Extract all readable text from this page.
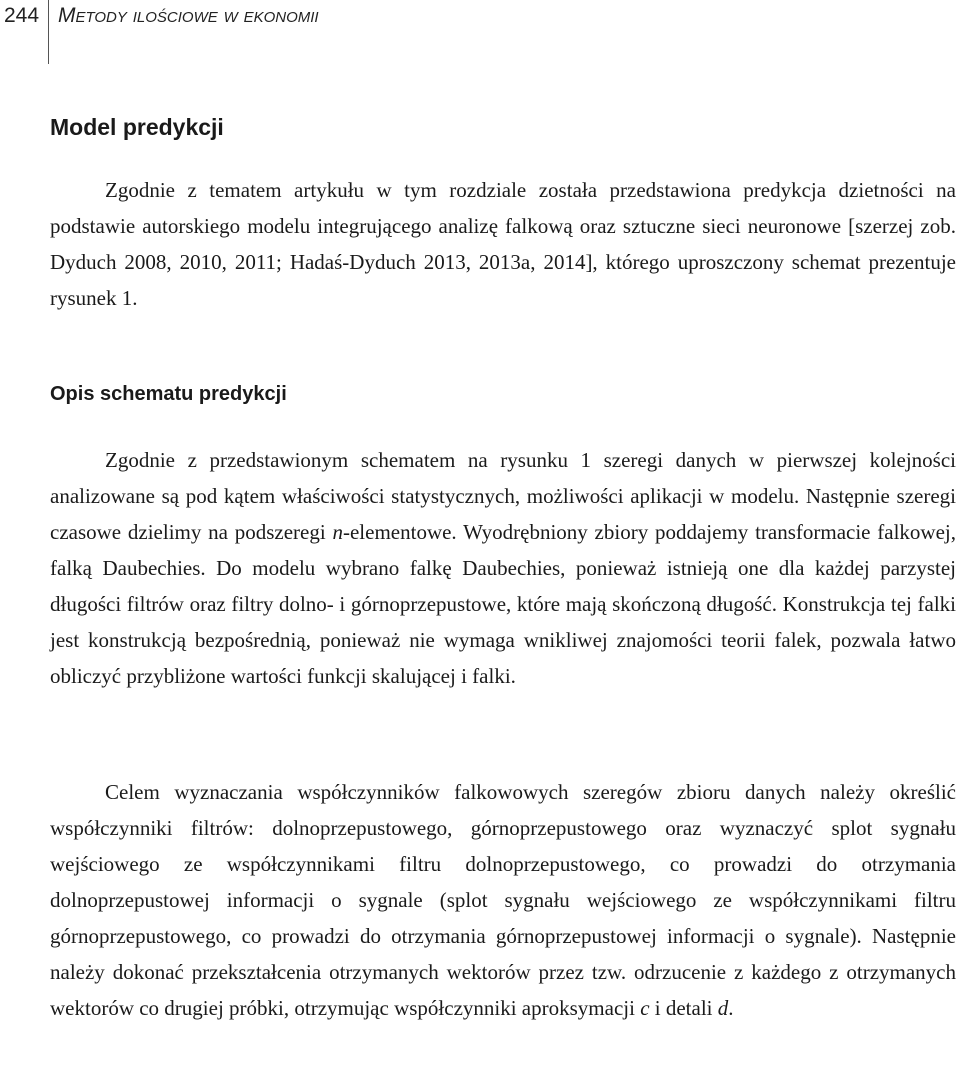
244 Metody ilościowe w ekonomii
Model predykcji

Zgodnie z tematem artykułu w tym rozdziale została przedstawiona predykcja dzietności na podstawie autorskiego modelu integrującego analizę falkową oraz sztuczne sieci neuronowe [szerzej zob. Dyduch 2008, 2010, 2011; Hadaś-Dyduch 2013, 2013a, 2014], którego uproszczony schemat prezentuje rysunek 1.

Opis schematu predykcji

Zgodnie z przedstawionym schematem na rysunku 1 szeregi danych w pierwszej kolejności analizowane są pod kątem właściwości statystycznych, możliwości aplikacji w modelu. Następnie szeregi czasowe dzielimy na podszeregi n-elementowe. Wyodrębniony zbiory poddajemy transformacie falkowej, falką Daubechies. Do modelu wybrano falkę Daubechies, ponieważ istnieją one dla każdej parzystej długości filtrów oraz filtry dolno- i górnoprzepustowe, które mają skończoną długość. Konstrukcja tej falki jest konstrukcją bezpośrednią, ponieważ nie wymaga wnikliwej znajomości teorii falek, pozwala łatwo obliczyć przybliżone wartości funkcji skalującej i falki.

Celem wyznaczania współczynników falkowowych szeregów zbioru danych należy określić współczynniki filtrów: dolnoprzepustowego, górnoprzepustowego oraz wyznaczyć splot sygnału wejściowego ze współczynnikami filtru dolnoprzepustowego, co prowadzi do otrzymania dolnoprzepustowej informacji o sygnale (splot sygnału wejściowego ze współczynnikami filtru górnoprzepustowego, co prowadzi do otrzymania górnoprzepustowej informacji o sygnale). Następnie należy dokonać przekształcenia otrzymanych wektorów przez tzw. odrzucenie z każdego z otrzymanych wektorów co drugiej próbki, otrzymując współczynniki aproksymacji c i detali d.
